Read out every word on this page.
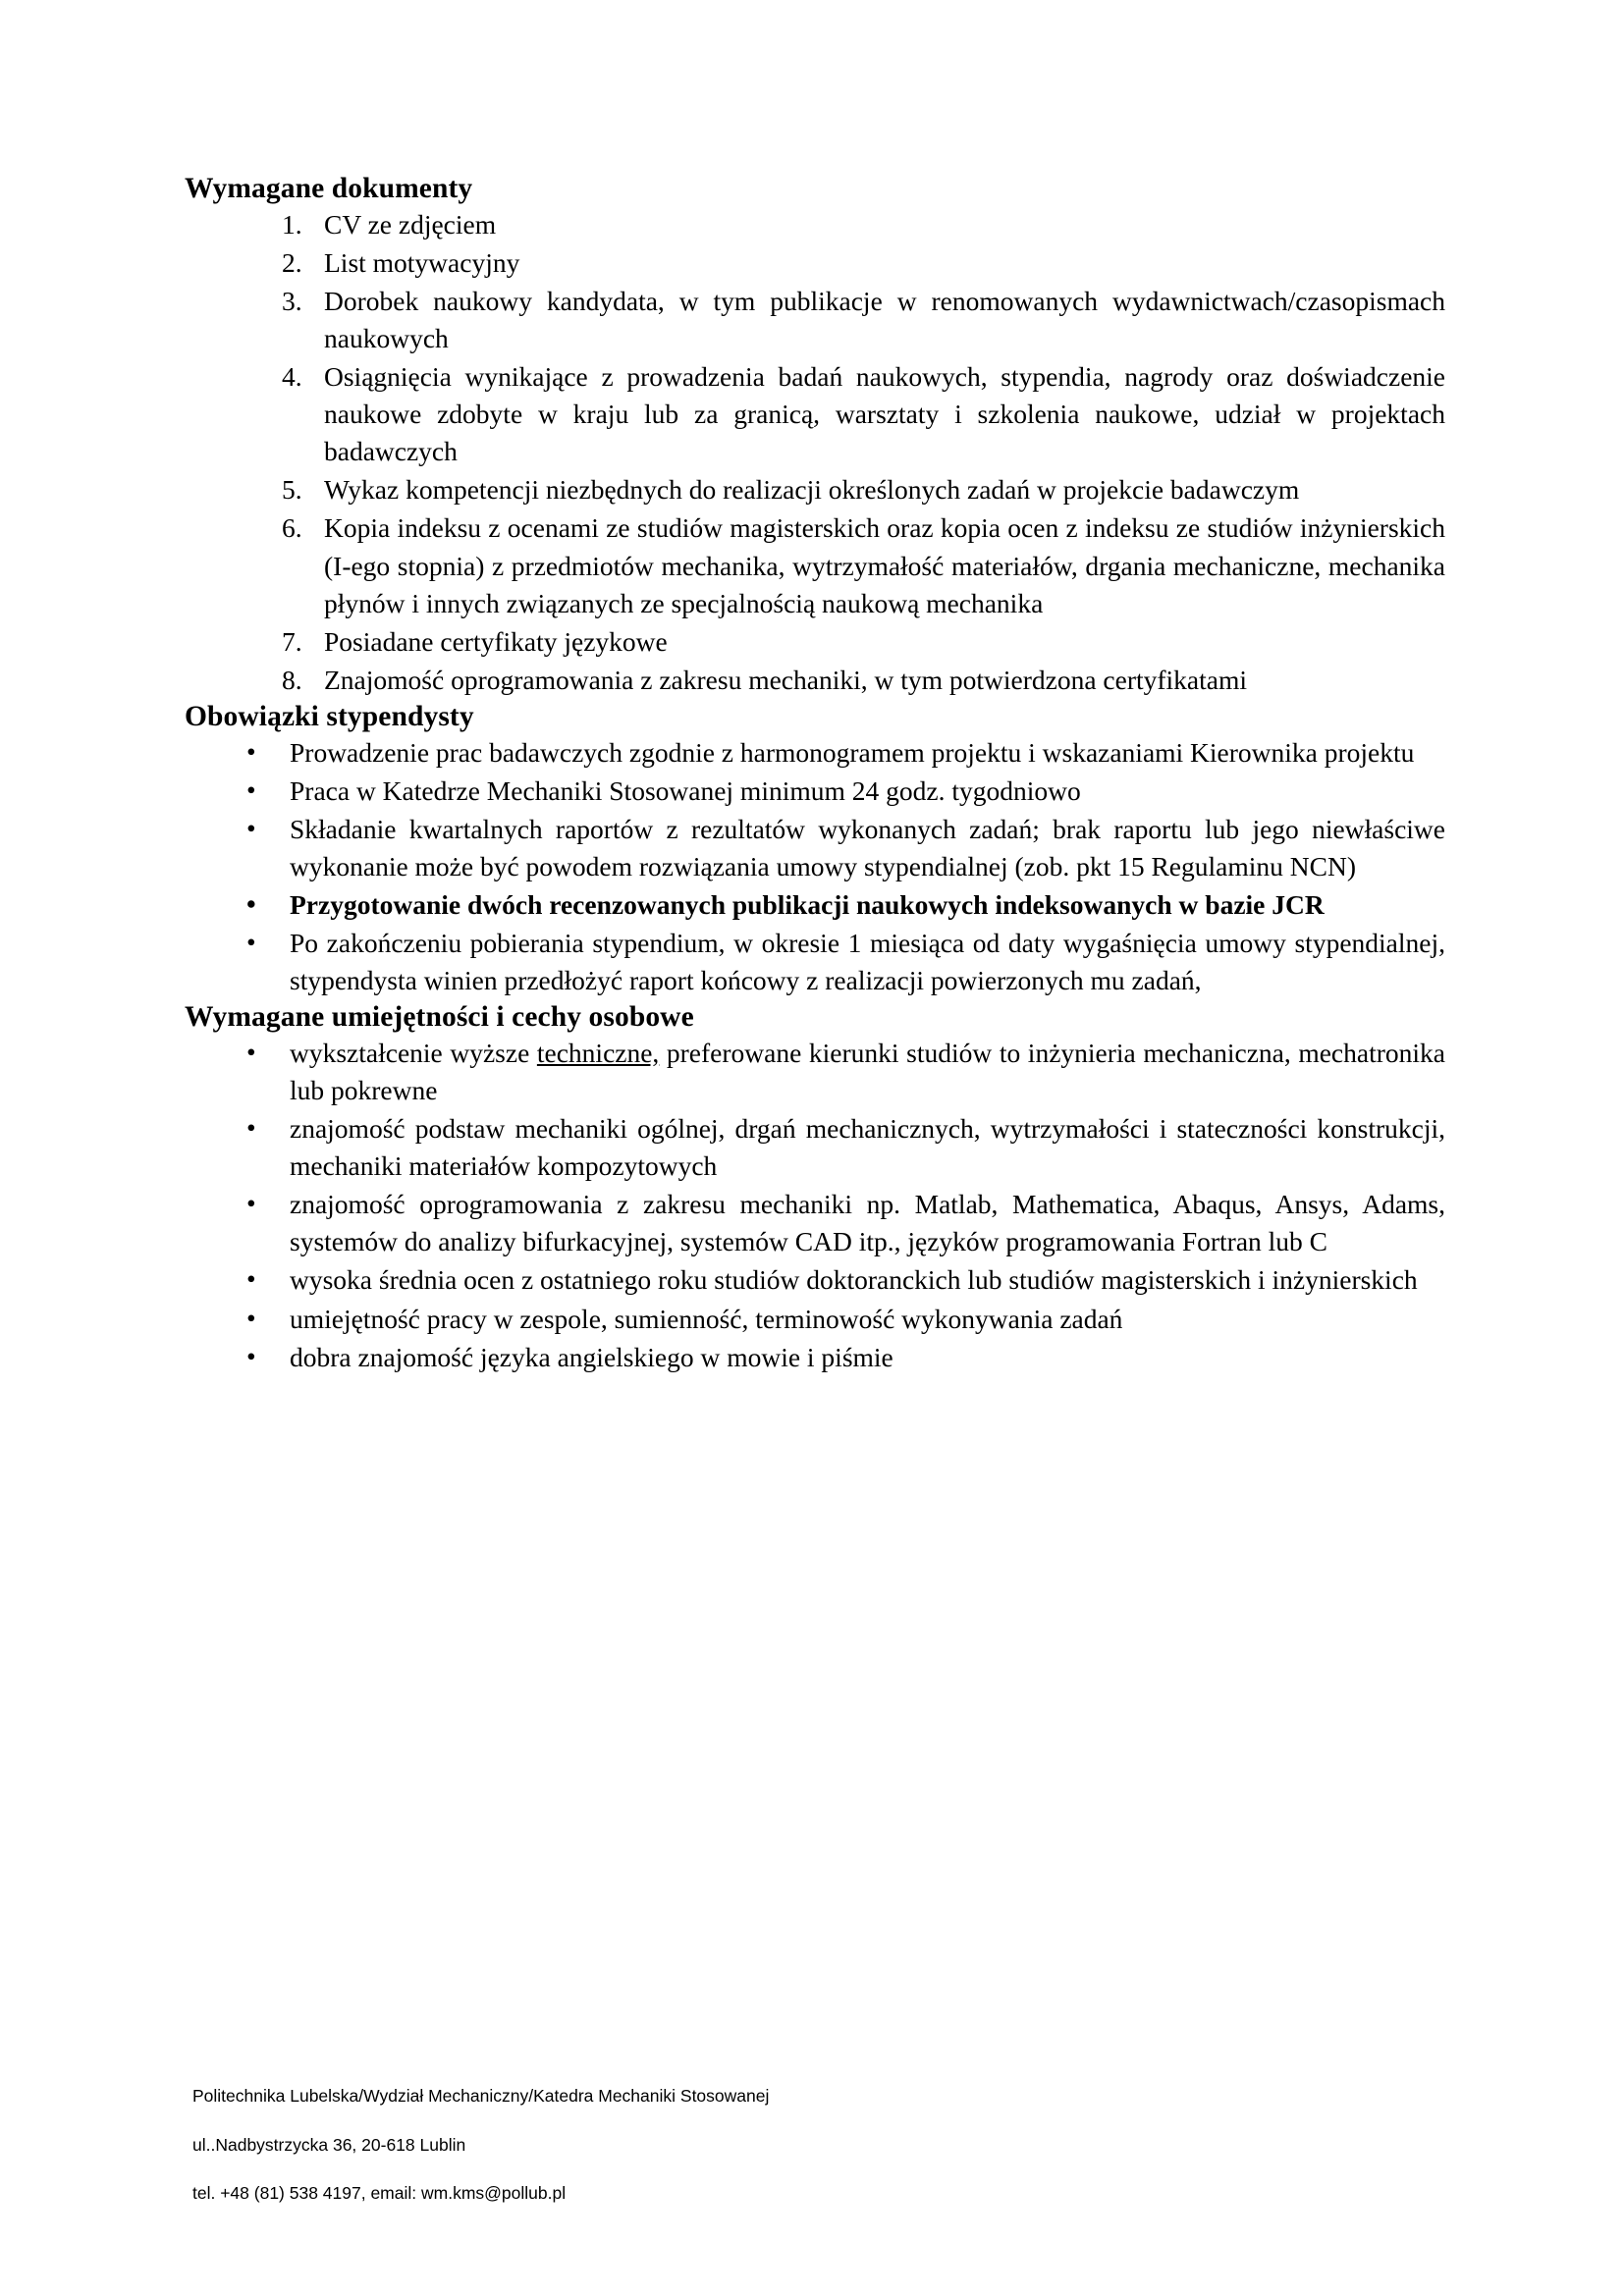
Wymagane dokumenty
1. CV ze zdjęciem
2. List motywacyjny
3. Dorobek naukowy kandydata, w tym publikacje w renomowanych wydawnictwach/czasopismach naukowych
4. Osiągnięcia wynikające z prowadzenia badań naukowych, stypendia, nagrody oraz doświadczenie naukowe zdobyte w kraju lub za granicą, warsztaty i szkolenia naukowe, udział w projektach badawczych
5. Wykaz kompetencji niezbędnych do realizacji określonych zadań w projekcie badawczym
6. Kopia indeksu z ocenami ze studiów magisterskich oraz kopia ocen z indeksu ze studiów inżynierskich (I-ego stopnia) z przedmiotów mechanika, wytrzymałość materiałów, drgania mechaniczne, mechanika płynów i innych związanych ze specjalnością naukową mechanika
7. Posiadane certyfikaty językowe
8. Znajomość oprogramowania z zakresu mechaniki, w tym potwierdzona certyfikatami
Obowiązki stypendysty
• Prowadzenie prac badawczych zgodnie z harmonogramem projektu i wskazaniami Kierownika projektu
• Praca w Katedrze Mechaniki Stosowanej minimum 24 godz. tygodniowo
• Składanie kwartalnych raportów z rezultatów wykonanych zadań; brak raportu lub jego niewłaściwe wykonanie może być powodem rozwiązania umowy stypendialnej (zob. pkt 15 Regulaminu NCN)
• Przygotowanie dwóch recenzowanych publikacji naukowych indeksowanych w bazie JCR
• Po zakończeniu pobierania stypendium, w okresie 1 miesiąca od daty wygaśnięcia umowy stypendialnej, stypendysta winien przedłożyć raport końcowy z realizacji powierzonych mu zadań,
Wymagane umiejętności i cechy osobowe
• wykształcenie wyższe techniczne, preferowane kierunki studiów to inżynieria mechaniczna, mechatronika lub pokrewne
• znajomość podstaw mechaniki ogólnej, drgań mechanicznych, wytrzymałości i stateczności konstrukcji, mechaniki materiałów kompozytowych
• znajomość oprogramowania z zakresu mechaniki np. Matlab, Mathematica, Abaqus, Ansys, Adams, systemów do analizy bifurkacyjnej, systemów CAD itp., języków programowania Fortran lub C
• wysoka średnia ocen z ostatniego roku studiów doktoranckich lub studiów magisterskich i inżynierskich
• umiejętność pracy w zespole, sumienność, terminowość wykonywania zadań
• dobra znajomość języka angielskiego w mowie i piśmie

Politechnika Lubelska/Wydział Mechaniczny/Katedra Mechaniki Stosowanej

ul..Nadbystrzycka 36, 20-618 Lublin

tel. +48 (81) 538 4197, email: wm.kms@pollub.pl
